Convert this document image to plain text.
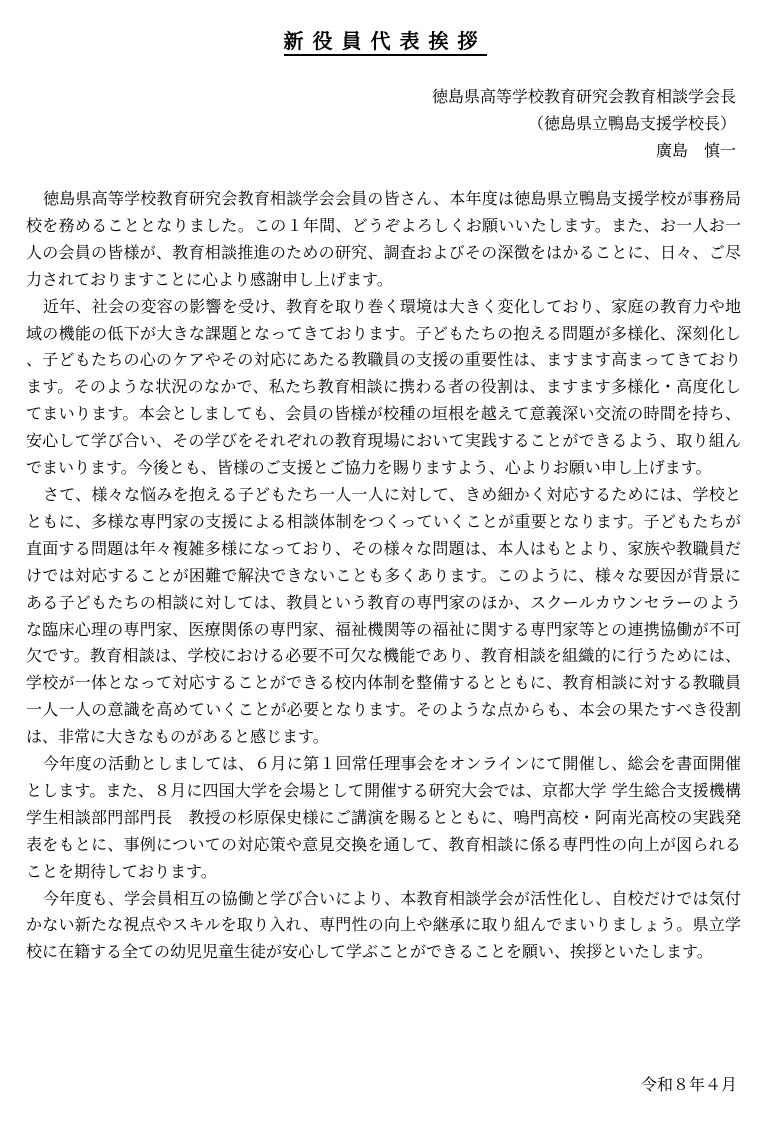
新役員代表挨拶
徳島県高等学校教育研究会教育相談学会長
（徳島県立鴨島支援学校長）
廣島　慎一

徳島県高等学校教育研究会教育相談学会会員の皆さん、本年度は徳島県立鴨島支援学校が事務局校を務めることとなりました。この１年間、どうぞよろしくお願いいたします。また、お一人お一人の会員の皆様が、教育相談推進のための研究、調査およびその深徴をはかることに、日々、ご尽力されておりますことに心より感謝申し上げます。

近年、社会の変容の影響を受け、教育を取り巻く環境は大きく変化しており、家庭の教育力や地域の機能の低下が大きな課題となってきております。子どもたちの抱える問題が多様化、深刻化し、子どもたちの心のケアやその対応にあたる教職員の支援の重要性は、ますます高まってきております。そのような状況のなかで、私たち教育相談に携わる者の役割は、ますます多様化・高度化してまいります。本会としましても、会員の皆様が校種の垣根を越えて意義深い交流の時間を持ち、安心して学び合い、その学びをそれぞれの教育現場において実践することができるよう、取り組んでまいります。今後とも、皆様のご支援とご協力を賜りますよう、心よりお願い申し上げます。

さて、様々な悩みを抱える子どもたち一人一人に対して、きめ細かく対応するためには、学校とともに、多様な専門家の支援による相談体制をつくっていくことが重要となります。子どもたちが直面する問題は年々複雑多様になっており、その様々な問題は、本人はもとより、家族や教職員だけでは対応することが困難で解決できないことも多くあります。このように、様々な要因が背景にある子どもたちの相談に対しては、教員という教育の専門家のほか、スクールカウンセラーのような臨床心理の専門家、医療関係の専門家、福祉機関等の福祉に関する専門家等との連携協働が不可欠です。教育相談は、学校における必要不可欠な機能であり、教育相談を組織的に行うためには、学校が一体となって対応することができる校内体制を整備するとともに、教育相談に対する教職員一人一人の意識を高めていくことが必要となります。そのような点からも、本会の果たすべき役割は、非常に大きなものがあると感じます。

今年度の活動としましては、６月に第１回常任理事会をオンラインにて開催し、総会を書面開催とします。また、８月に四国大学を会場として開催する研究大会では、京都大学 学生総合支援機構 学生相談部門部門長　教授の杉原保史様にご講演を賜るとともに、鳴門高校・阿南光高校の実践発表をもとに、事例についての対応策や意見交換を通して、教育相談に係る専門性の向上が図られることを期待しております。

今年度も、学会員相互の協働と学び合いにより、本教育相談学会が活性化し、自校だけでは気付かない新たな視点やスキルを取り入れ、専門性の向上や継承に取り組んでまいりましょう。県立学校に在籍する全ての幼児児童生徒が安心して学ぶことができることを願い、挨拶といたします。

令和８年４月
